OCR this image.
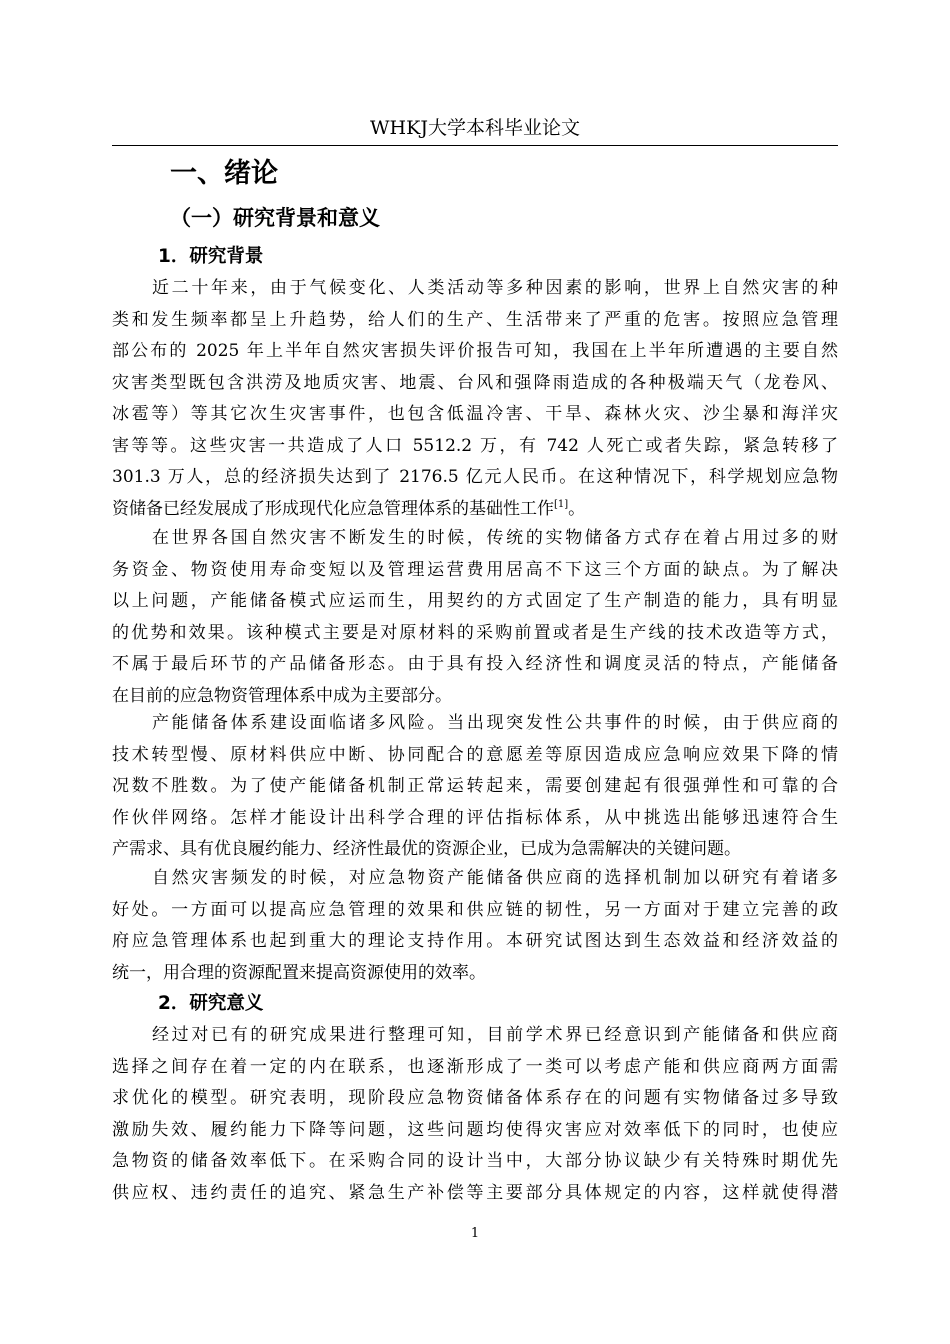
WHKJ大学本科毕业论文
一、绪论
（一）研究背景和意义
1．研究背景
近二十年来，由于气候变化、人类活动等多种因素的影响，世界上自然灾害的种
类和发生频率都呈上升趋势，给人们的生产、生活带来了严重的危害。按照应急管理
部公布的 2025 年上半年自然灾害损失评价报告可知，我国在上半年所遭遇的主要自然
灾害类型既包含洪涝及地质灾害、地震、台风和强降雨造成的各种极端天气（龙卷风、
冰雹等）等其它次生灾害事件，也包含低温冷害、干旱、森林火灾、沙尘暴和海洋灾
害等等。这些灾害一共造成了人口 5512.2 万，有 742 人死亡或者失踪，紧急转移了
301.3 万人，总的经济损失达到了 2176.5 亿元人民币。在这种情况下，科学规划应急物
资储备已经发展成了形成现代化应急管理体系的基础性工作[1]。
在世界各国自然灾害不断发生的时候，传统的实物储备方式存在着占用过多的财
务资金、物资使用寿命变短以及管理运营费用居高不下这三个方面的缺点。为了解决
以上问题，产能储备模式应运而生，用契约的方式固定了生产制造的能力，具有明显
的优势和效果。该种模式主要是对原材料的采购前置或者是生产线的技术改造等方式，
不属于最后环节的产品储备形态。由于具有投入经济性和调度灵活的特点，产能储备
在目前的应急物资管理体系中成为主要部分。
产能储备体系建设面临诸多风险。当出现突发性公共事件的时候，由于供应商的
技术转型慢、原材料供应中断、协同配合的意愿差等原因造成应急响应效果下降的情
况数不胜数。为了使产能储备机制正常运转起来，需要创建起有很强弹性和可靠的合
作伙伴网络。怎样才能设计出科学合理的评估指标体系，从中挑选出能够迅速符合生
产需求、具有优良履约能力、经济性最优的资源企业，已成为急需解决的关键问题。
自然灾害频发的时候，对应急物资产能储备供应商的选择机制加以研究有着诸多
好处。一方面可以提高应急管理的效果和供应链的韧性，另一方面对于建立完善的政
府应急管理体系也起到重大的理论支持作用。本研究试图达到生态效益和经济效益的
统一，用合理的资源配置来提高资源使用的效率。
2．研究意义
经过对已有的研究成果进行整理可知，目前学术界已经意识到产能储备和供应商
选择之间存在着一定的内在联系，也逐渐形成了一类可以考虑产能和供应商两方面需
求优化的模型。研究表明，现阶段应急物资储备体系存在的问题有实物储备过多导致
激励失效、履约能力下降等问题，这些问题均使得灾害应对效率低下的同时，也使应
急物资的储备效率低下。在采购合同的设计当中，大部分协议缺少有关特殊时期优先
供应权、违约责任的追究、紧急生产补偿等主要部分具体规定的内容，这样就使得潜
1
